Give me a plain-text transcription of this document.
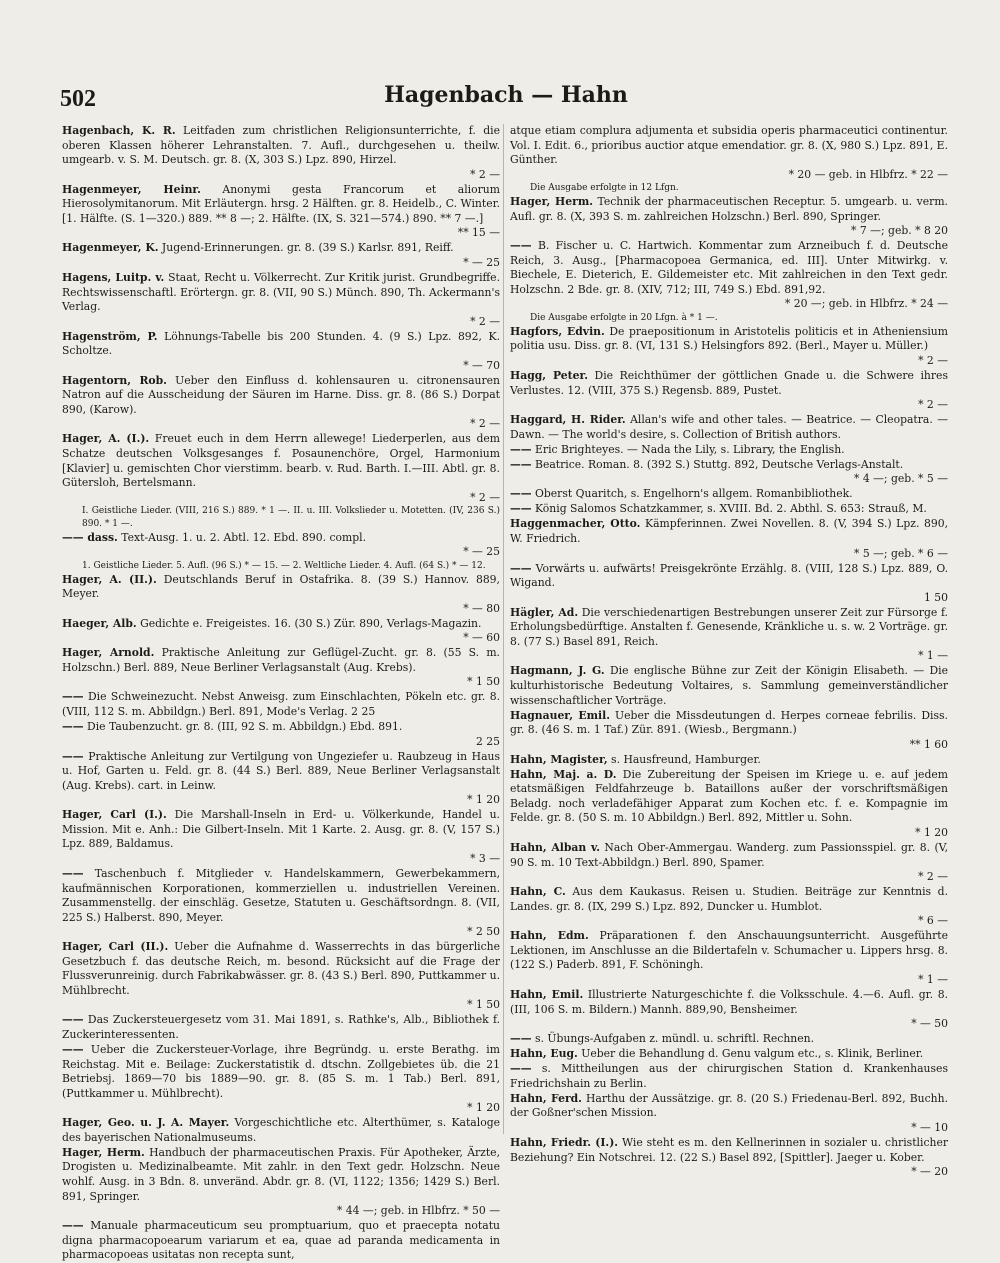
502	Hagenbach — Hahn
Hagenbach, K. R. Leitfaden zum christlichen Religionsunterrichte, f. die oberen Klassen höherer Lehranstalten. 7. Aufl., durchgesehen u. theilw. umgearb. v. S. M. Deutsch. gr. 8. (X, 303 S.) Lpz. 890, Hirzel.
* 2 —
Hagenmeyer, Heinr. Anonymi gesta Francorum et aliorum Hierosolymitanorum. Mit Erläutergn. hrsg. 2 Hälften. gr. 8. Heidelb., C. Winter. [1. Hälfte. (S. 1—320.) 889. ** 8 —; 2. Hälfte. (IX, S. 321—574.) 890. ** 7 —.]
** 15 —
Hagenmeyer, K. Jugend-Erinnerungen. gr. 8. (39 S.) Karlsr. 891, Reiff.
* — 25
Hagens, Luitp. v. Staat, Recht u. Völkerrecht. Zur Kritik jurist. Grundbegriffe. Rechtswissenschaftl. Erörtergn. gr. 8. (VII, 90 S.) Münch. 890, Th. Ackermann's Verlag.
* 2 —
Hagenström, P. Löhnungs-Tabelle bis 200 Stunden. 4. (9 S.) Lpz. 892, K. Scholtze.
* — 70
Hagentorn, Rob. Ueber den Einfluss d. kohlensauren u. citronensauren Natron auf die Ausscheidung der Säuren im Harne. Diss. gr. 8. (86 S.) Dorpat 890, (Karow).
* 2 —
Hager, A. (I.). Freuet euch in dem Herrn allewege! Liederperlen, aus dem Schatze deutschen Volksgesanges f. Posaunenchöre, Orgel, Harmonium [Klavier] u. gemischten Chor vierstimm. bearb. v. Rud. Barth. I.—III. Abtl. gr. 8. Gütersloh, Bertelsmann.
* 2 —
I. Geistliche Lieder. (VIII, 216 S.) 889. * 1 —. II. u. III. Volkslieder u. Motetten. (IV, 236 S.) 890. * 1 —.
—— dass. Text-Ausg. 1. u. 2. Abtl. 12. Ebd. 890. compl.
* — 25
1. Geistliche Lieder. 5. Aufl. (96 S.) * — 15. — 2. Weltliche Lieder. 4. Aufl. (64 S.) * — 12.
Hager, A. (II.). Deutschlands Beruf in Ostafrika. 8. (39 S.) Hannov. 889, Meyer.
* — 80
Haeger, Alb. Gedichte e. Freigeistes. 16. (30 S.) Zür. 890, Verlags-Magazin.
* — 60
Hager, Arnold. Praktische Anleitung zur Geflügel-Zucht. gr. 8. (55 S. m. Holzschn.) Berl. 889, Neue Berliner Verlagsanstalt (Aug. Krebs).
* 1 50
—— Die Schweinezucht. Nebst Anweisg. zum Einschlachten, Pökeln etc. gr. 8. (VIII, 112 S. m. Abbildgn.) Berl. 891, Mode's Verlag. 2 25
—— Die Taubenzucht. gr. 8. (III, 92 S. m. Abbildgn.) Ebd. 891.
2 25
—— Praktische Anleitung zur Vertilgung von Ungeziefer u. Raubzeug in Haus u. Hof, Garten u. Feld. gr. 8. (44 S.) Berl. 889, Neue Berliner Verlagsanstalt (Aug. Krebs). cart. in Leinw.
* 1 20
Hager, Carl (I.). Die Marshall-Inseln in Erd- u. Völkerkunde, Handel u. Mission. Mit e. Anh.: Die Gilbert-Inseln. Mit 1 Karte. 2. Ausg. gr. 8. (V, 157 S.) Lpz. 889, Baldamus.
* 3 —
—— Taschenbuch f. Mitglieder v. Handelskammern, Gewerbekammern, kaufmännischen Korporationen, kommerziellen u. industriellen Vereinen. Zusammenstellg. der einschläg. Gesetze, Statuten u. Geschäftsordngn. 8. (VII, 225 S.) Halberst. 890, Meyer.
* 2 50
Hager, Carl (II.). Ueber die Aufnahme d. Wasserrechts in das bürgerliche Gesetzbuch f. das deutsche Reich, m. besond. Rücksicht auf die Frage der Flussverunreinig. durch Fabrikabwässer. gr. 8. (43 S.) Berl. 890, Puttkammer u. Mühlbrecht.
* 1 50
—— Das Zuckersteuergesetz vom 31. Mai 1891, s. Rathke's, Alb., Bibliothek f. Zuckerinteressenten.
—— Ueber die Zuckersteuer-Vorlage, ihre Begründg. u. erste Berathg. im Reichstag. Mit e. Beilage: Zuckerstatistik d. dtschn. Zollgebietes üb. die 21 Betriebsj. 1869—70 bis 1889—90. gr. 8. (85 S. m. 1 Tab.) Berl. 891, (Puttkammer u. Mühlbrecht).
* 1 20
Hager, Geo. u. J. A. Mayer. Vorgeschichtliche etc. Alterthümer, s. Kataloge des bayerischen Nationalmuseums.
Hager, Herm. Handbuch der pharmaceutischen Praxis. Für Apotheker, Ärzte, Drogisten u. Medizinalbeamte. Mit zahlr. in den Text gedr. Holzschn. Neue wohlf. Ausg. in 3 Bdn. 8. unveränd. Abdr. gr. 8. (VI, 1122; 1356; 1429 S.) Berl. 891, Springer.
* 44 —; geb. in Hlbfrz. * 50 —
—— Manuale pharmaceuticum seu promptuarium, quo et praecepta notatu digna pharmacopoearum variarum et ea, quae ad paranda medicamenta in pharmacopoeas usitatas non recepta sunt,
atque etiam complura adjumenta et subsidia operis pharmaceutici continentur. Vol. I. Edit. 6., prioribus auctior atque emendatior. gr. 8. (X, 980 S.) Lpz. 891, E. Günther.
* 20 — geb. in Hlbfrz. * 22 —
Die Ausgabe erfolgte in 12 Lfgn.
Hager, Herm. Technik der pharmaceutischen Receptur. 5. umgearb. u. verm. Aufl. gr. 8. (X, 393 S. m. zahlreichen Holzschn.) Berl. 890, Springer.
* 7 —; geb. * 8 20
—— B. Fischer u. C. Hartwich. Kommentar zum Arzneibuch f. d. Deutsche Reich, 3. Ausg., [Pharmacopoea Germanica, ed. III]. Unter Mitwirkg. v. Biechele, E. Dieterich, E. Gildemeister etc. Mit zahlreichen in den Text gedr. Holzschn. 2 Bde. gr. 8. (XIV, 712; III, 749 S.) Ebd. 891,92.
* 20 —; geb. in Hlbfrz. * 24 —
Die Ausgabe erfolgte in 20 Lfgn. à * 1 —.
Hagfors, Edvin. De praepositionum in Aristotelis politicis et in Atheniensium politia usu. Diss. gr. 8. (VI, 131 S.) Helsingfors 892. (Berl., Mayer u. Müller.)
* 2 —
Hagg, Peter. Die Reichthümer der göttlichen Gnade u. die Schwere ihres Verlustes. 12. (VIII, 375 S.) Regensb. 889, Pustet.
* 2 —
Haggard, H. Rider. Allan's wife and other tales. — Beatrice. — Cleopatra. — Dawn. — The world's desire, s. Collection of British authors.
—— Eric Brighteyes. — Nada the Lily, s. Library, the English.
—— Beatrice. Roman. 8. (392 S.) Stuttg. 892, Deutsche Verlags-Anstalt.
* 4 —; geb. * 5 —
—— Oberst Quaritch, s. Engelhorn's allgem. Romanbibliothek.
—— König Salomos Schatzkammer, s. XVIII. Bd. 2. Abthl. S. 653: Strauß, M.
Haggenmacher, Otto. Kämpferinnen. Zwei Novellen. 8. (V, 394 S.) Lpz. 890, W. Friedrich.
* 5 —; geb. * 6 —
—— Vorwärts u. aufwärts! Preisgekrönte Erzählg. 8. (VIII, 128 S.) Lpz. 889, O. Wigand.
1 50
Hägler, Ad. Die verschiedenartigen Bestrebungen unserer Zeit zur Fürsorge f. Erholungsbedürftige. Anstalten f. Genesende, Kränkliche u. s. w. 2 Vorträge. gr. 8. (77 S.) Basel 891, Reich.
* 1 —
Hagmann, J. G. Die englische Bühne zur Zeit der Königin Elisabeth. — Die kulturhistorische Bedeutung Voltaires, s. Sammlung gemeinverständlicher wissenschaftlicher Vorträge.
Hagnauer, Emil. Ueber die Missdeutungen d. Herpes corneae febrilis. Diss. gr. 8. (46 S. m. 1 Taf.) Zür. 891. (Wiesb., Bergmann.)
** 1 60
Hahn, Magister, s. Hausfreund, Hamburger.
Hahn, Maj. a. D. Die Zubereitung der Speisen im Kriege u. e. auf jedem etatsmäßigen Feldfahrzeuge b. Bataillons außer der vorschriftsmäßigen Beladg. noch verladefähiger Apparat zum Kochen etc. f. e. Kompagnie im Felde. gr. 8. (50 S. m. 10 Abbildgn.) Berl. 892, Mittler u. Sohn.
* 1 20
Hahn, Alban v. Nach Ober-Ammergau. Wanderg. zum Passionsspiel. gr. 8. (V, 90 S. m. 10 Text-Abbildgn.) Berl. 890, Spamer.
* 2 —
Hahn, C. Aus dem Kaukasus. Reisen u. Studien. Beiträge zur Kenntnis d. Landes. gr. 8. (IX, 299 S.) Lpz. 892, Duncker u. Humblot.
* 6 —
Hahn, Edm. Präparationen f. den Anschauungsunterricht. Ausgeführte Lektionen, im Anschlusse an die Bildertafeln v. Schumacher u. Lippers hrsg. 8. (122 S.) Paderb. 891, F. Schöningh.
* 1 —
Hahn, Emil. Illustrierte Naturgeschichte f. die Volksschule. 4.—6. Aufl. gr. 8. (III, 106 S. m. Bildern.) Mannh. 889,90, Bensheimer.
* — 50
—— s. Übungs-Aufgaben z. mündl. u. schriftl. Rechnen.
Hahn, Eug. Ueber die Behandlung d. Genu valgum etc., s. Klinik, Berliner.
—— s. Mittheilungen aus der chirurgischen Station d. Krankenhauses Friedrichshain zu Berlin.
Hahn, Ferd. Harthu der Aussätzige. gr. 8. (20 S.) Friedenau-Berl. 892, Buchh. der Goßner'schen Mission.
* — 10
Hahn, Friedr. (I.). Wie steht es m. den Kellnerinnen in sozialer u. christlicher Beziehung? Ein Notschrei. 12. (22 S.) Basel 892, [Spittler]. Jaeger u. Kober.
* — 20
